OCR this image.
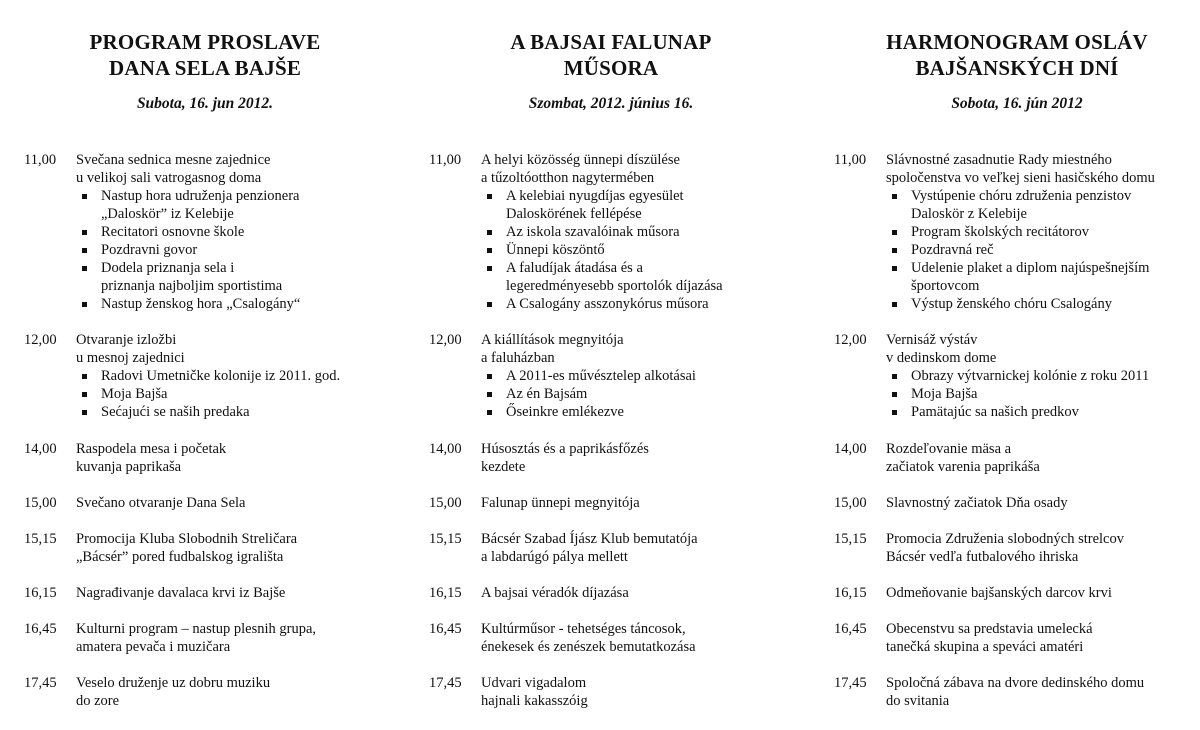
PROGRAM PROSLAVE
DANA SELA BAJŠE
Subota, 16. jun 2012.
11,00 Svečana sednica mesne zajednice
u velikoj sali vatrogasnog doma
Nastup hora udruženja penzionera
„Daloskör” iz Kelebije
Recitatori osnovne škole
Pozdravni govor
Dodela priznanja sela i
priznanja najboljim sportistima
Nastup ženskog hora „Csalogány“
12,00 Otvaranje izložbi
u mesnoj zajednici
Radovi Umetničke kolonije iz 2011. god.
Moja Bajša
Sećajući se naših predaka
14,00 Raspodela mesa i početak
kuvanja paprikaša
15,00 Svečano otvaranje Dana Sela
15,15 Promocija Kluba Slobodnih Streličara
„Bácsér” pored fudbalskog igrališta
16,15 Nagrađivanje davalaca krvi iz Bajše
16,45 Kulturni program – nastup plesnih grupa,
amatera pevača i muzičara
17,45 Veselo druženje uz dobru muziku
do zore
A BAJSAI FALUNAP
MŰSORA
Szombat, 2012. június 16.
11,00 A helyi közösség ünnepi díszülése
a tűzoltóotthon nagytermében
A kelebiai nyugdíjas egyesület
Daloskörének fellépése
Az iskola szavalóinak műsora
Ünnepi köszöntő
A faludíjak átadása és a
legeredményesebb sportolók díjazása
A Csalogány asszonykórus műsora
12,00 A kiállítások megnyitója
a faluházban
A 2011-es művésztelep alkotásai
Az én Bajsám
Őseinkre emlékezve
14,00 Húsosztás és a paprikásfőzés
kezdete
15,00 Falunap ünnepi megnyitója
15,15 Bácsér Szabad Íjász Klub bemutatója
a labdarúgó pálya mellett
16,15 A bajsai véradók díjazása
16,45 Kultúrműsor - tehetséges táncosok,
énekesek és zenészek bemutatkozása
17,45 Udvari vigadalom
hajnali kakasszóig
HARMONOGRAM OSLÁV
BAJŠANSKÝCH DNÍ
Sobota, 16. jún 2012
11,00 Slávnostné zasadnutie Rady miestného
spoločenstva vo veľkej sieni hasičského domu
Vystúpenie chóru združenia penzistov
Daloskör z Kelebije
Program školských recitátorov
Pozdravná reč
Udelenie plaket a diplom najúspešnejším
športovcom
Výstup ženského chóru Csalogány
12,00 Vernisáž výstáv
v dedinskom dome
Obrazy výtvarnickej kolónie z roku 2011
Moja Bajša
Pamätajúc sa našich predkov
14,00 Rozdeľovanie mäsa a
začiatok varenia paprikáša
15,00 Slavnostný začiatok Dňa osady
15,15 Promocia Združenia slobodných strelcov
Bácsér vedľa futbalového ihriska
16,15 Odmeňovanie bajšanských darcov krvi
16,45 Obecenstvu sa predstavia umelecká
tanečká skupina a speváci amatéri
17,45 Spoločná zábava na dvore dedinského domu
do svitania
